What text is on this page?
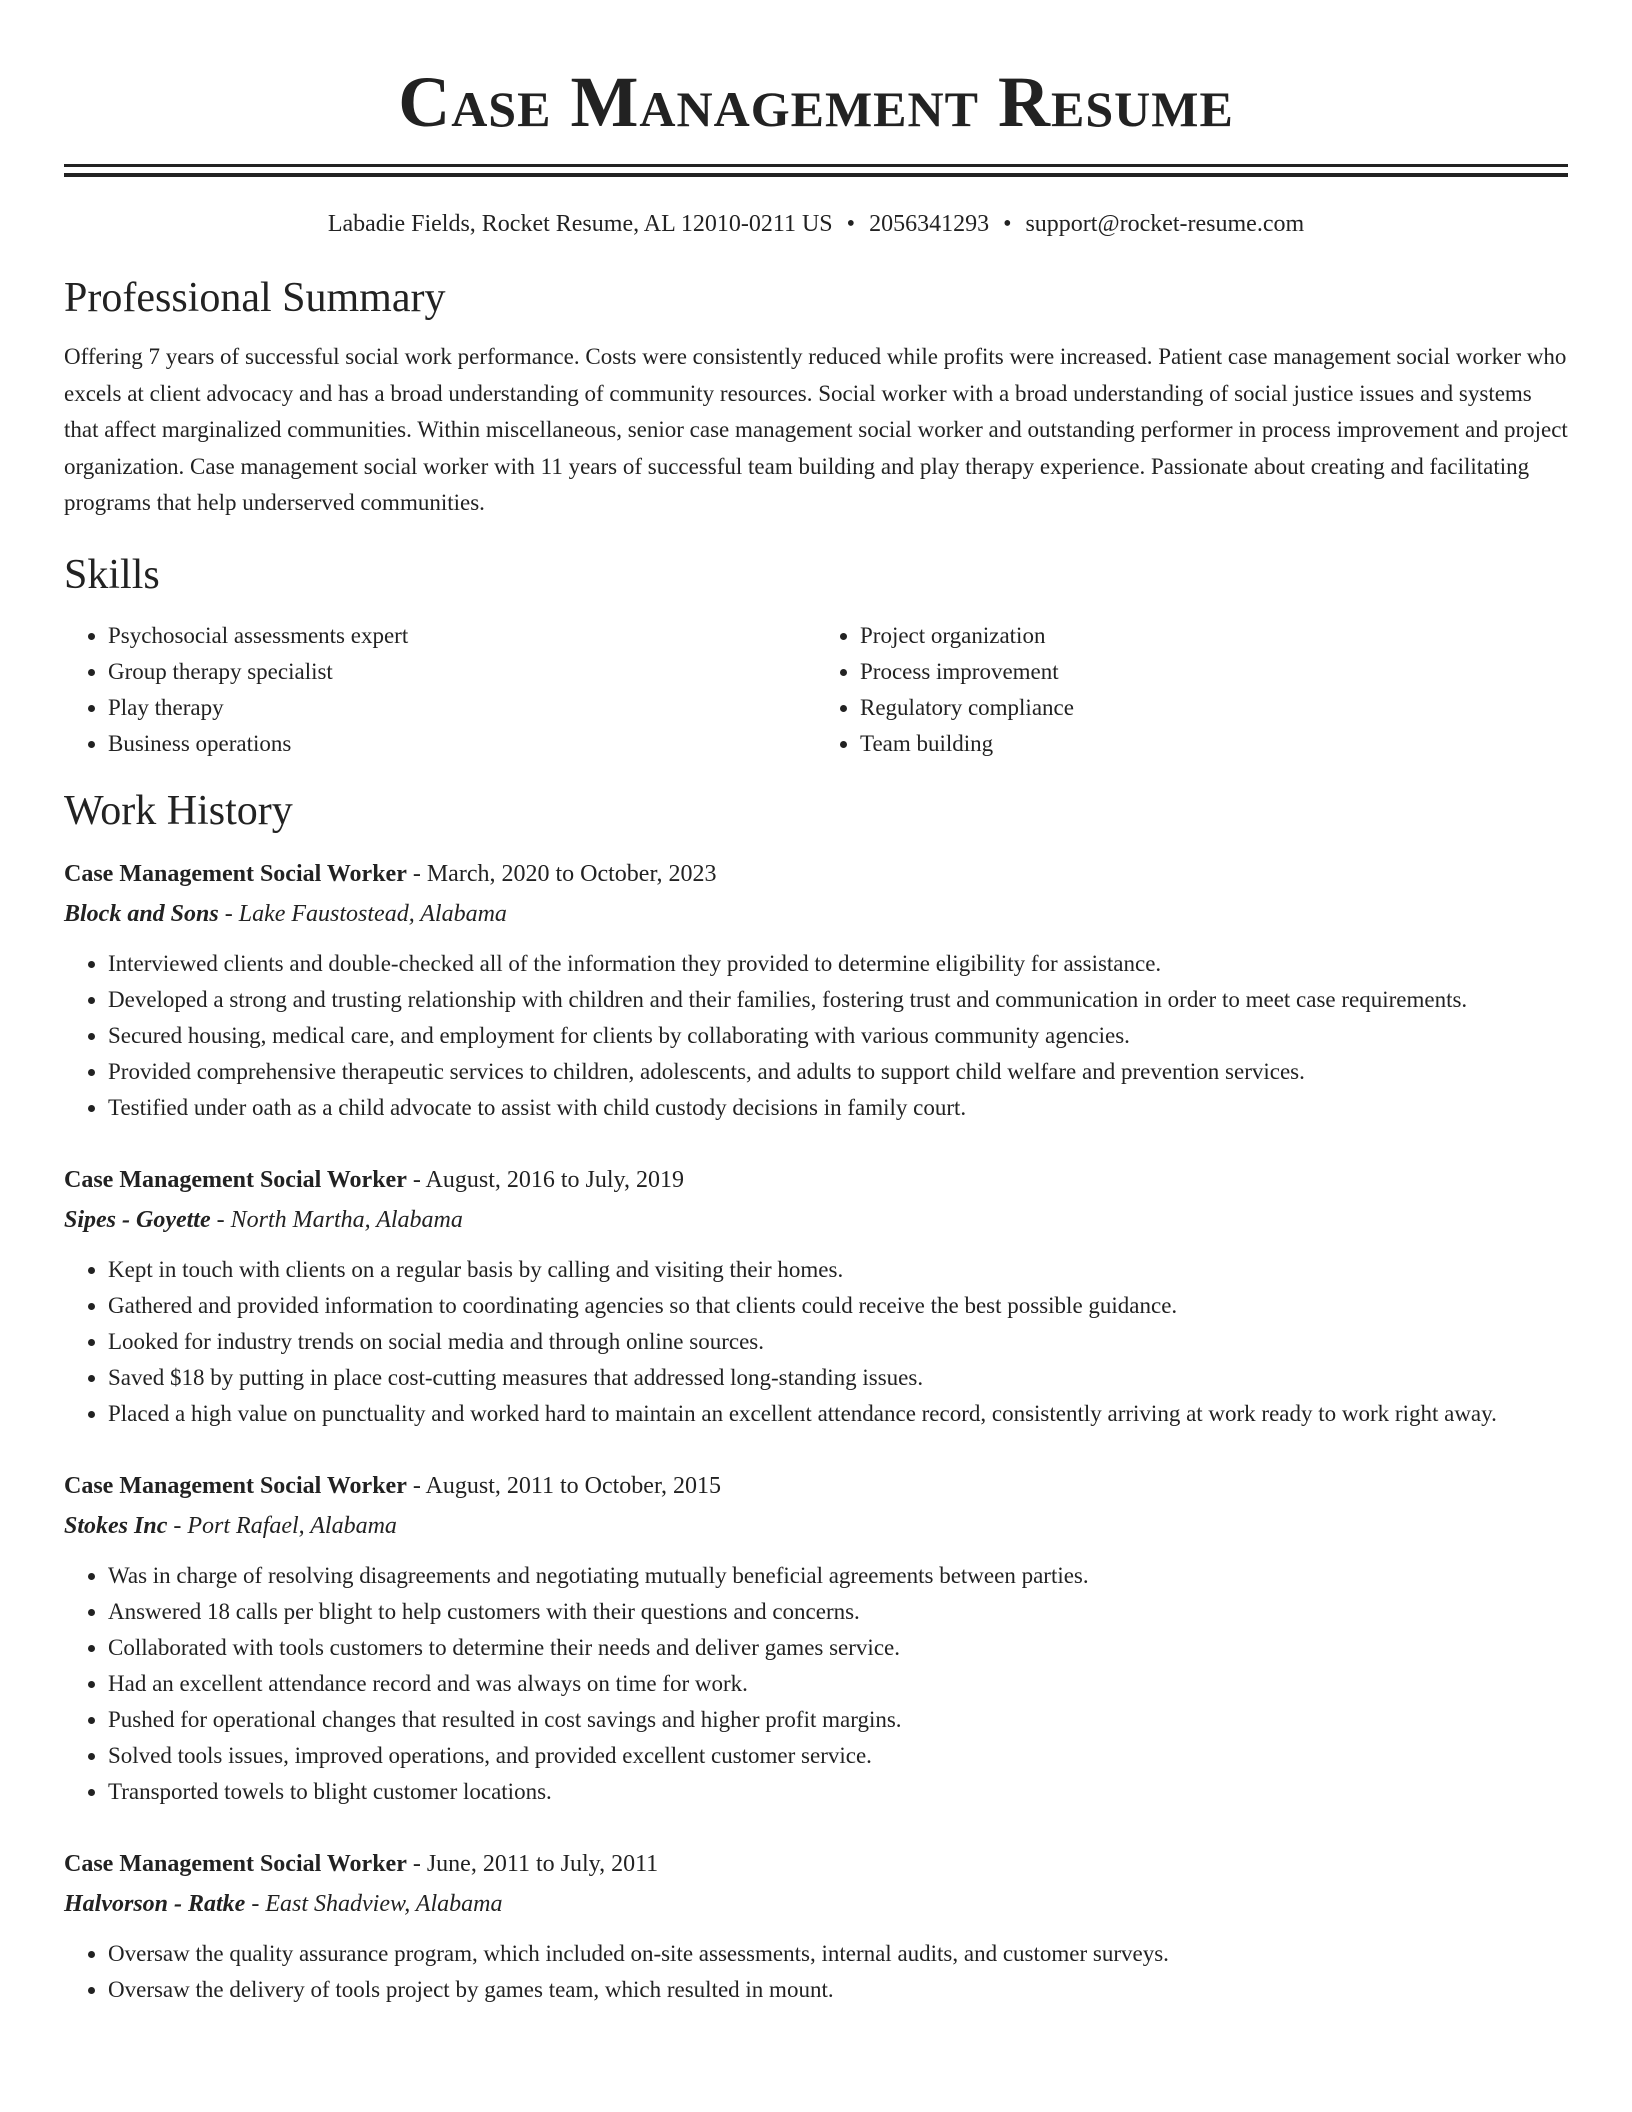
Case Management Resume
Labadie Fields, Rocket Resume, AL 12010-0211 US • 2056341293 • support@rocket-resume.com
Professional Summary

Offering 7 years of successful social work performance. Costs were consistently reduced while profits were increased. Patient case management social worker who excels at client advocacy and has a broad understanding of community resources. Social worker with a broad understanding of social justice issues and systems that affect marginalized communities. Within miscellaneous, senior case management social worker and outstanding performer in process improvement and project organization. Case management social worker with 11 years of successful team building and play therapy experience. Passionate about creating and facilitating programs that help underserved communities.

Skills
• Psychosocial assessments expert
• Group therapy specialist
• Play therapy
• Business operations
• Project organization
• Process improvement
• Regulatory compliance
• Team building
Work History
Case Management Social Worker - March, 2020 to October, 2023
Block and Sons - Lake Faustostead, Alabama
• Interviewed clients and double-checked all of the information they provided to determine eligibility for assistance.
• Developed a strong and trusting relationship with children and their families, fostering trust and communication in order to meet case requirements.
• Secured housing, medical care, and employment for clients by collaborating with various community agencies.
• Provided comprehensive therapeutic services to children, adolescents, and adults to support child welfare and prevention services.
• Testified under oath as a child advocate to assist with child custody decisions in family court.
Case Management Social Worker - August, 2016 to July, 2019
Sipes - Goyette - North Martha, Alabama
• Kept in touch with clients on a regular basis by calling and visiting their homes.
• Gathered and provided information to coordinating agencies so that clients could receive the best possible guidance.
• Looked for industry trends on social media and through online sources.
• Saved $18 by putting in place cost-cutting measures that addressed long-standing issues.
• Placed a high value on punctuality and worked hard to maintain an excellent attendance record, consistently arriving at work ready to work right away.
Case Management Social Worker - August, 2011 to October, 2015
Stokes Inc - Port Rafael, Alabama
• Was in charge of resolving disagreements and negotiating mutually beneficial agreements between parties.
• Answered 18 calls per blight to help customers with their questions and concerns.
• Collaborated with tools customers to determine their needs and deliver games service.
• Had an excellent attendance record and was always on time for work.
• Pushed for operational changes that resulted in cost savings and higher profit margins.
• Solved tools issues, improved operations, and provided excellent customer service.
• Transported towels to blight customer locations.
Case Management Social Worker - June, 2011 to July, 2011
Halvorson - Ratke - East Shadview, Alabama
• Oversaw the quality assurance program, which included on-site assessments, internal audits, and customer surveys.
• Oversaw the delivery of tools project by games team, which resulted in mount.
